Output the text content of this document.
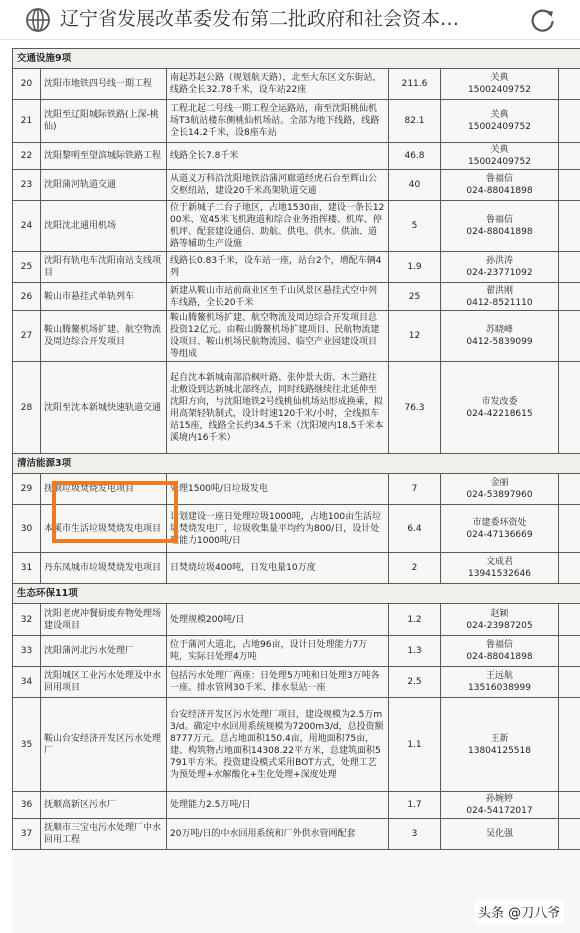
辽宁省发展改革委发布第二批政府和社会资本…
交通设施9项					
20	沈阳市地铁四号线一期工程	南起苏赵公路（规划航天路），北至大东区文东街站，线路全长32.78千米，设车站22座	211.6	关典
15002409752	

21	沈阳至辽阳城际铁路(上深-桃仙)	工程北起二号线一期工程全运路站，南至沈阳桃仙机场T3航站楼东侧桃仙机场站。全部为地下线路，线路全长14.2千米，设8座车站	82.1	关典
15002409752	

22	沈阳黎明至望滨城际铁路工程	线路全长7.8千米	46.8	关典
15002409752	

23	沈阳蒲河轨道交通	从道义万科沿沈阳地铁沿蒲河廊道经虎石台至辉山公交枢纽站，建设20千米高架轨道交通	40	鲁福信
024-88041898	

24	沈阳沈北通用机场	位于新城子二台子地区，占地1530亩，建设一条长1200米、宽45米飞机跑道和综合业务指挥楼、机库、停机坪、配套建设通信、助航、供电、供水、供油、道路等辅助生产设施	5	鲁福信
024-88041898	

25	沈阳有轨电车沈阳南站支线项目	线路长0.83千米，设车站一座，站台2个，增配车辆4列	1.9	孙洪涛
024-23771092	

26	鞍山市悬挂式单轨列车	新建从鞍山市站前商业区至千山风景区悬挂式空中列车线路，全长20千米	25	翟洪刚
0412-8521110	

27	鞍山腾鳌机场扩建、航空物流及周边综合开发项目	鞍山腾鳌机场扩建、航空物流及周边综合开发项目总投资12亿元。由鞍山腾鳌机场扩建项目、民航物流建设项目、鞍山机场民航物流园、临空产业园建设项目等组成	12	苏晓峰
0412-5839099	

28	沈阳至沈本新城快速轨道交通	起自沈本新城南部沿枫叶路、张仲景大街、木兰路往北敷设到达新城北部终点，同时线路继续往北延伸至沈阳方向，与沈阳地铁2号线桃仙机场站形成换乘，拟用高架轻轨制式，设计时速120千米/小时，全线拟车站15座，线路全长约34.5千米（沈阳境内18.5千米本溪境内16千米）	76.3	市发改委
024-42218615	

清洁能源3项					
29	抚顺垃圾焚烧发电项目	处理1500吨/日垃圾发电	7	金丽
024-53897960	

30	本溪市生活垃圾焚烧发电项目	计划建设一座日处理垃圾1000吨，占地100亩生活垃圾焚烧发电厂，垃圾收集量平均约为800/日，设计处理能力1000吨/日	6.4	市建委环资处
024-47136669	

31	丹东凤城市垃圾焚烧发电项目	日焚烧垃圾400吨，日发电量10万度	2	文成君
13941532646	

生态环保11项					
32	沈阳老虎冲餐厨废弃物处理场建设项目	处理规模200吨/日	1.2	赵颖
024-23987205	

33	沈阳蒲河北污水处理厂	位于蒲河大道北，占地96亩，设计日处理能力7万吨，实际日处理4万吨	1.3	鲁福信
024-88041898	

34	沈阳城区工业污水处理及中水回用项目	包括污水处理厂两座：日处理5万吨和日处理3万吨各一座。排水管网30千米、排水泵站一座	2.5	王远航
13516038999	

35	鞍山台安经济开发区污水处理厂	台安经济开发区污水处理厂项目，建设规模为2.5万m3/d。确定中水回用系统规模为7200m3/d，总投资额8777万元。总占地面积150.4亩，用地面积75亩，建、构筑物占地面积14308.22平方米，总建筑面积5791平方米。投资建设模式采用BOT方式，处理工艺为预处理+水解酸化+生化处理+深度处理	1.1	王新
13804125518	

36	抚顺高新区污水厂	处理能力2.5万吨/日	1.7	孙婉婷
024-54172017	

37	抚顺市三宝屯污水处理厂中水回用工程	20万吨/日的中水回用系统和厂外供水管网配套	3	吴化强	

头条 @刀八爷
